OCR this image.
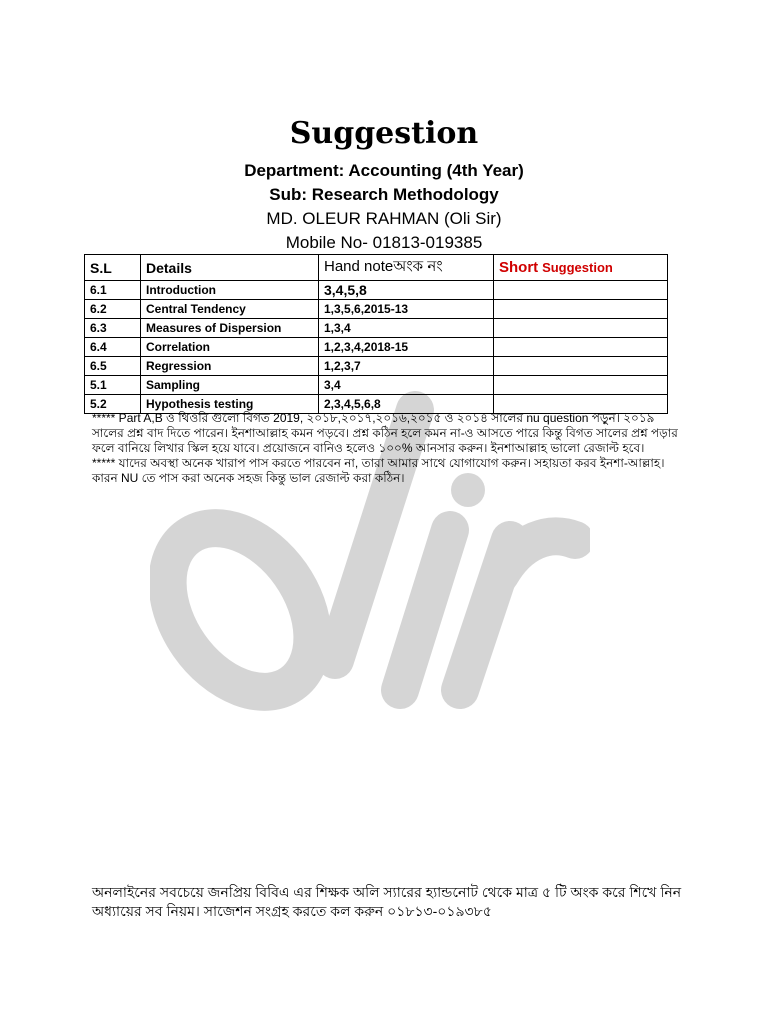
Suggestion
Department: Accounting (4th Year)
Sub: Research Methodology
MD. OLEUR RAHMAN (Oli Sir)
Mobile No- 01813-019385
S.L	Details	Hand noteঅংক নং	Short Suggestion
6.1	Introduction	3,4,5,8	
6.2	Central Tendency	1,3,5,6,2015-13	
6.3	Measures of Dispersion	1,3,4	
6.4	Correlation	1,2,3,4,2018-15	
6.5	Regression	1,2,3,7	
5.1	Sampling	3,4	
5.2	Hypothesis testing	2,3,4,5,6,8	

***** Part A,B ও থিওরি গুলো বিগত 2019, ২০১৮,২০১৭,২০১৬,২০১৫ ও ২০১৪ সালের nu question পড়ুন। ২০১৯ সালের প্রশ্ন বাদ দিতে পারেন। ইনশাআল্লাহ কমন পড়বে। প্রশ্ন কঠিন হলে কমন না-ও আসতে পারে কিন্তু বিগত সালের প্রশ্ন পড়ার ফলে বানিয়ে লিখার স্কিল হয়ে যাবে। প্রয়োজনে বানিও হলেও ১০০% আনসার করুন। ইনশাআল্লাহ ভালো রেজাল্ট হবে।

***** যাদের অবস্থা অনেক খারাপ পাস করতে পারবেন না, তারা আমার সাথে যোগাযোগ করুন। সহায়তা করব ইনশা-আল্লাহ। কারন NU তে পাস করা অনেক সহজ কিন্তু ভাল রেজাল্ট করা কঠিন।

অনলাইনের সবচেয়ে জনপ্রিয় বিবিএ এর শিক্ষক অলি স্যারের হ্যান্ডনোট থেকে মাত্র ৫ টি অংক করে শিখে নিন অধ্যায়ের সব নিয়ম। সাজেশন সংগ্রহ করতে কল করুন ০১৮১৩-০১৯৩৮৫
